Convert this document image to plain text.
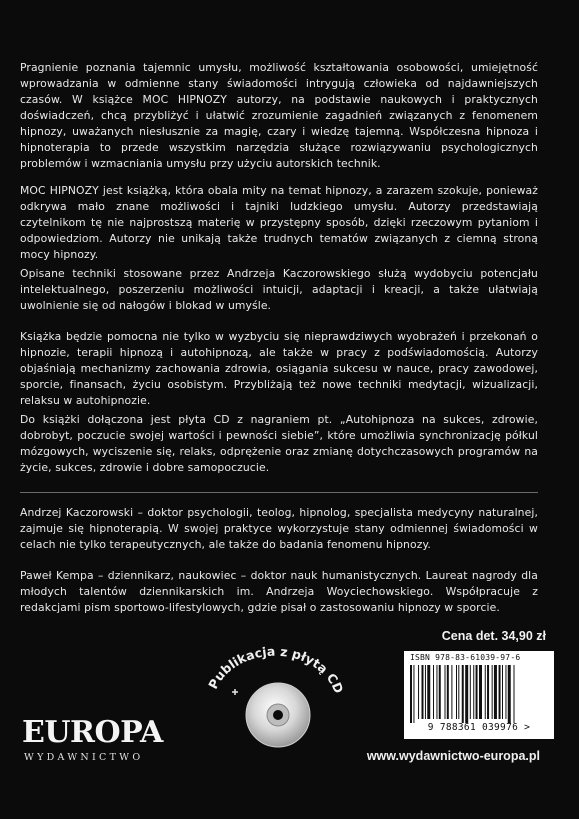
Pragnienie poznania tajemnic umysłu, możliwość kształtowania osobowości, umiejętność wprowadzania w odmienne stany świadomości intrygują człowieka od najdawniejszych czasów. W książce MOC HIPNOZY autorzy, na podstawie naukowych i praktycznych doświadczeń, chcą przybliżyć i ułatwić zrozumienie zagadnień związanych z fenomenem hipnozy, uważanych niesłusznie za magię, czary i wiedzę tajemną. Współczesna hipnoza i hipnoterapia to przede wszystkim narzędzia służące rozwiązywaniu psychologicznych problemów i wzmacniania umysłu przy użyciu autorskich technik.

MOC HIPNOZY jest książką, która obala mity na temat hipnozy, a zarazem szokuje, ponieważ odkrywa mało znane możliwości i tajniki ludzkiego umysłu. Autorzy przedstawiają czytelnikom tę nie najprostszą materię w przystępny sposób, dzięki rzeczowym pytaniom i odpowiedziom. Autorzy nie unikają także trudnych tematów związanych z ciemną stroną mocy hipnozy.

Opisane techniki stosowane przez Andrzeja Kaczorowskiego służą wydobyciu potencjału intelektualnego, poszerzeniu możliwości intuicji, adaptacji i kreacji, a także ułatwiają uwolnienie się od nałogów i blokad w umyśle.

Książka będzie pomocna nie tylko w wyzbyciu się nieprawdziwych wyobrażeń i przekonań o hipnozie, terapii hipnozą i autohipnozą, ale także w pracy z podświadomością. Autorzy objaśniają mechanizmy zachowania zdrowia, osiągania sukcesu w nauce, pracy zawodowej, sporcie, finansach, życiu osobistym. Przybliżają też nowe techniki medytacji, wizualizacji, relaksu w autohipnozie.

Do książki dołączona jest płyta CD z nagraniem pt. „Autohipnoza na sukces, zdrowie, dobrobyt, poczucie swojej wartości i pewności siebie”, które umożliwia synchronizację półkul mózgowych, wyciszenie się, relaks, odprężenie oraz zmianę dotychczasowych programów na życie, sukces, zdrowie i dobre samopoczucie.

Andrzej Kaczorowski – doktor psychologii, teolog, hipnolog, specjalista medycyny naturalnej, zajmuje się hipnoterapią. W swojej praktyce wykorzystuje stany odmiennej świadomości w celach nie tylko terapeutycznych, ale także do badania fenomenu hipnozy.

Paweł Kempa – dziennikarz, naukowiec – doktor nauk humanistycznych. Laureat nagrody dla młodych talentów dziennikarskich im. Andrzeja Woyciechowskiego. Współpracuje z redakcjami pism sportowo-lifestylowych, gdzie pisał o zastosowaniu hipnozy w sporcie.

Publikacja z płytą CD
Cena det. 34,90 zł
ISBN 978-83-61039-97-6
9 788361 039976 >
EUROPA
WYDAWNICTWO	www.wydawnictwo-europa.pl
